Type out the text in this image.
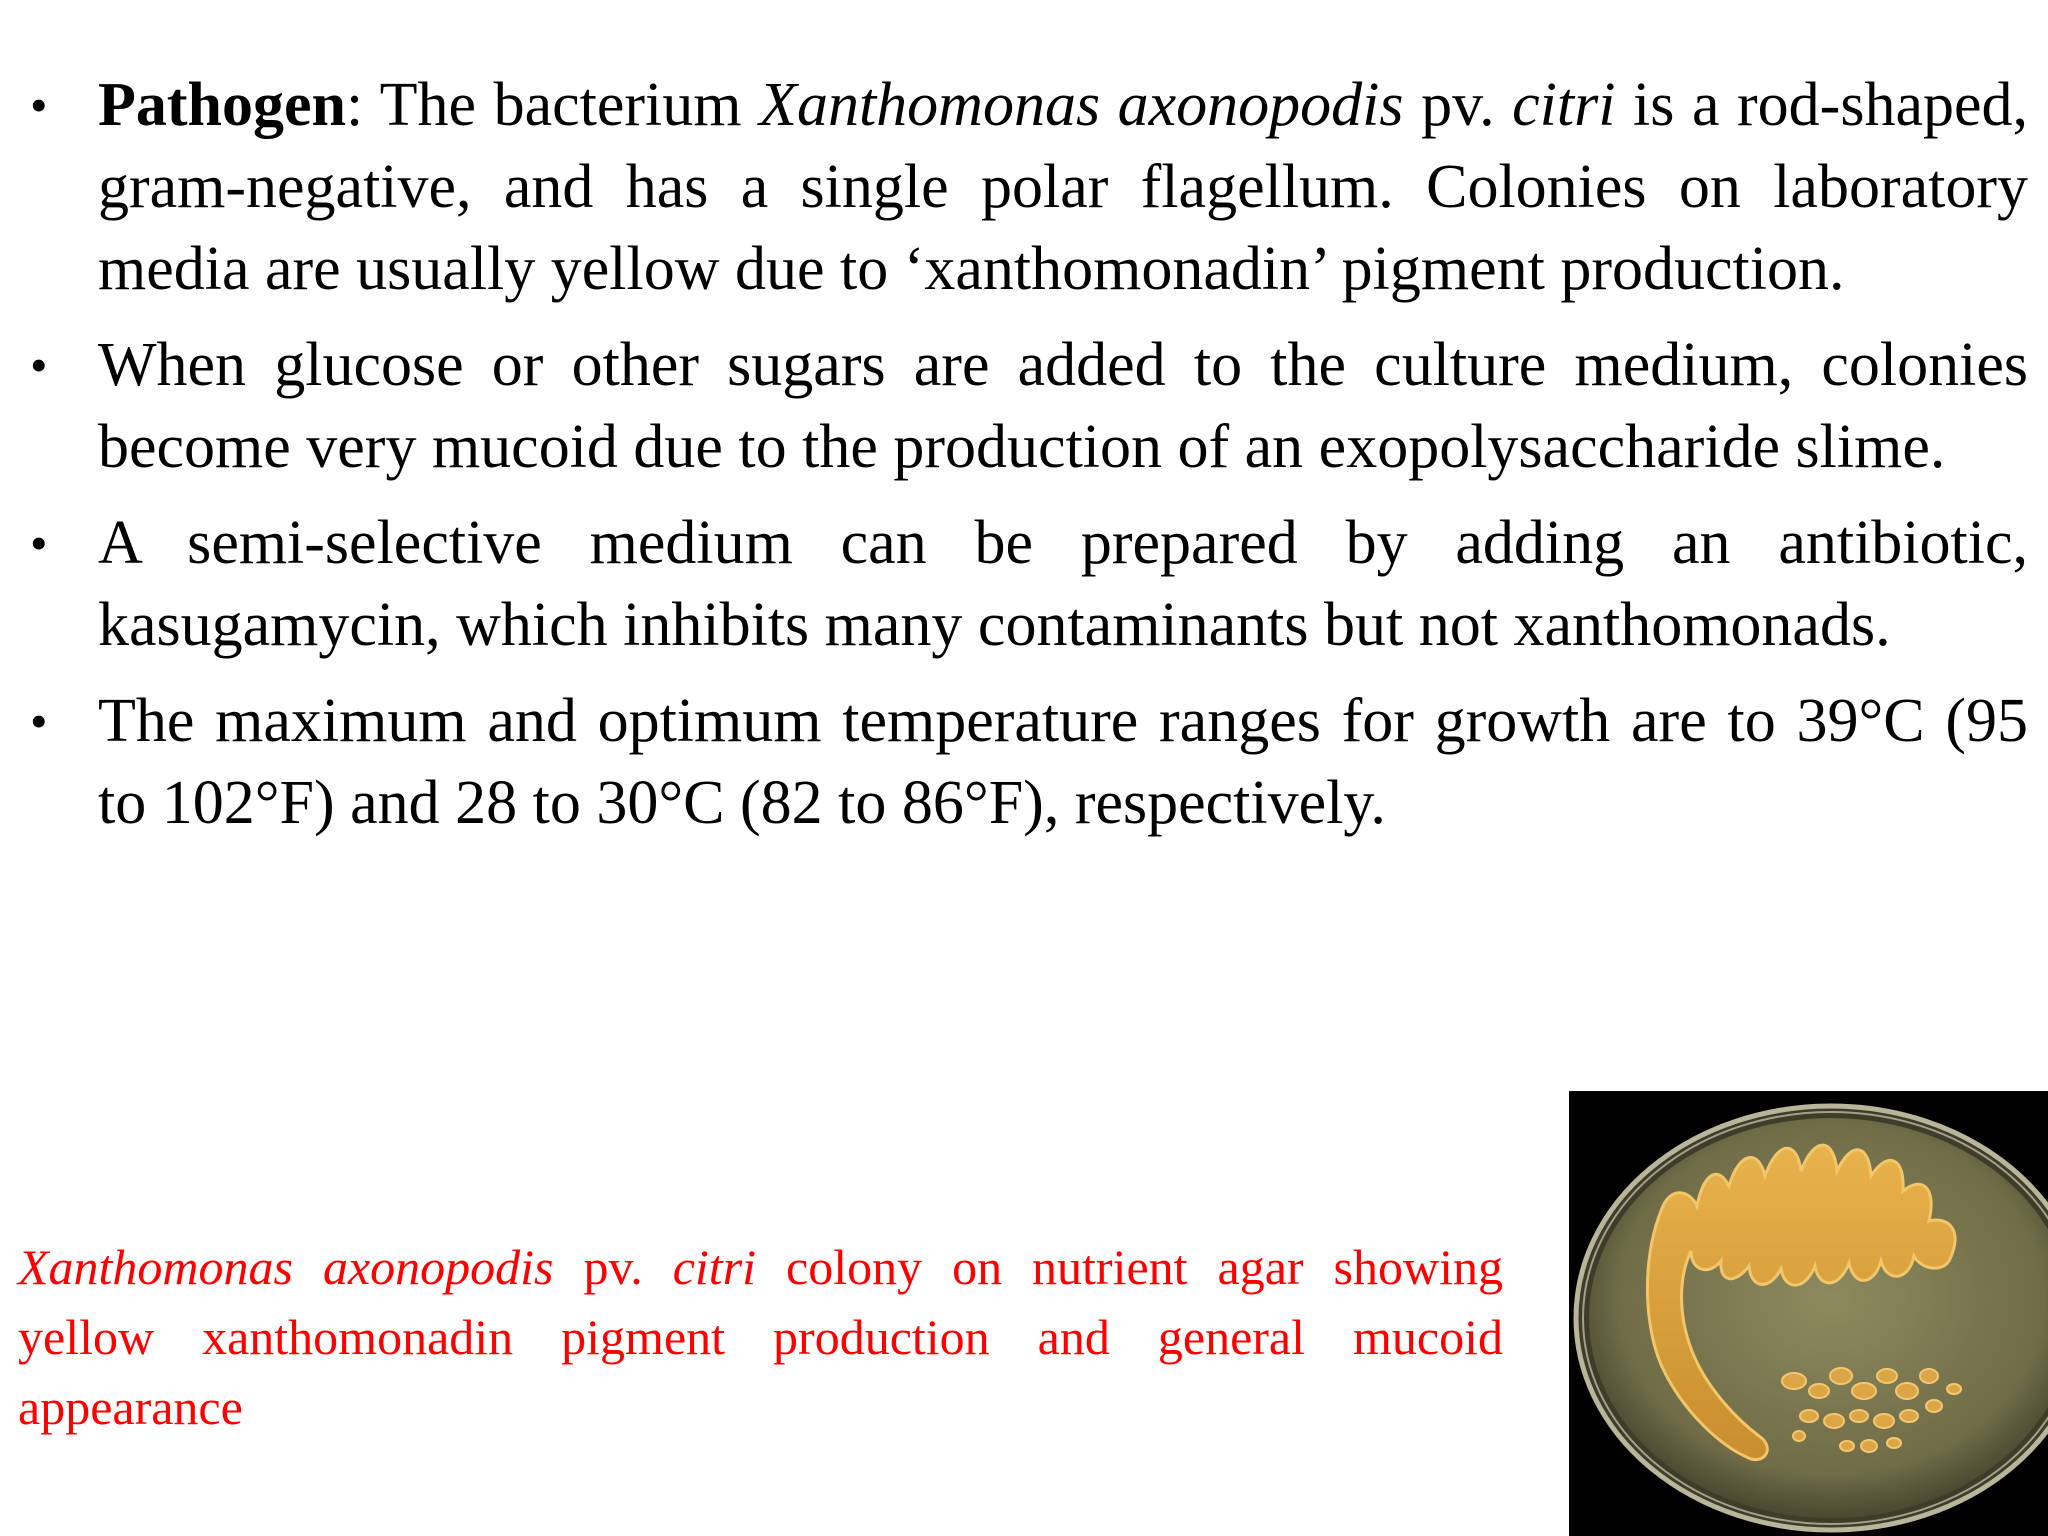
• Pathogen: The bacterium Xanthomonas axonopodis pv. citri is a rod-shaped, gram-negative, and has a single polar flagellum. Colonies on laboratory media are usually yellow due to ‘xanthomonadin’ pigment production.
• When glucose or other sugars are added to the culture medium, colonies become very mucoid due to the production of an exopolysaccharide slime.
• A semi-selective medium can be prepared by adding an antibiotic, kasugamycin, which inhibits many contaminants but not xanthomonads.
• The maximum and optimum temperature ranges for growth are to 39°C (95 to 102°F) and 28 to 30°C (82 to 86°F), respectively.
Xanthomonas axonopodis pv. citri colony on nutrient agar showing yellow xanthomonadin pigment production and general mucoid appearance
